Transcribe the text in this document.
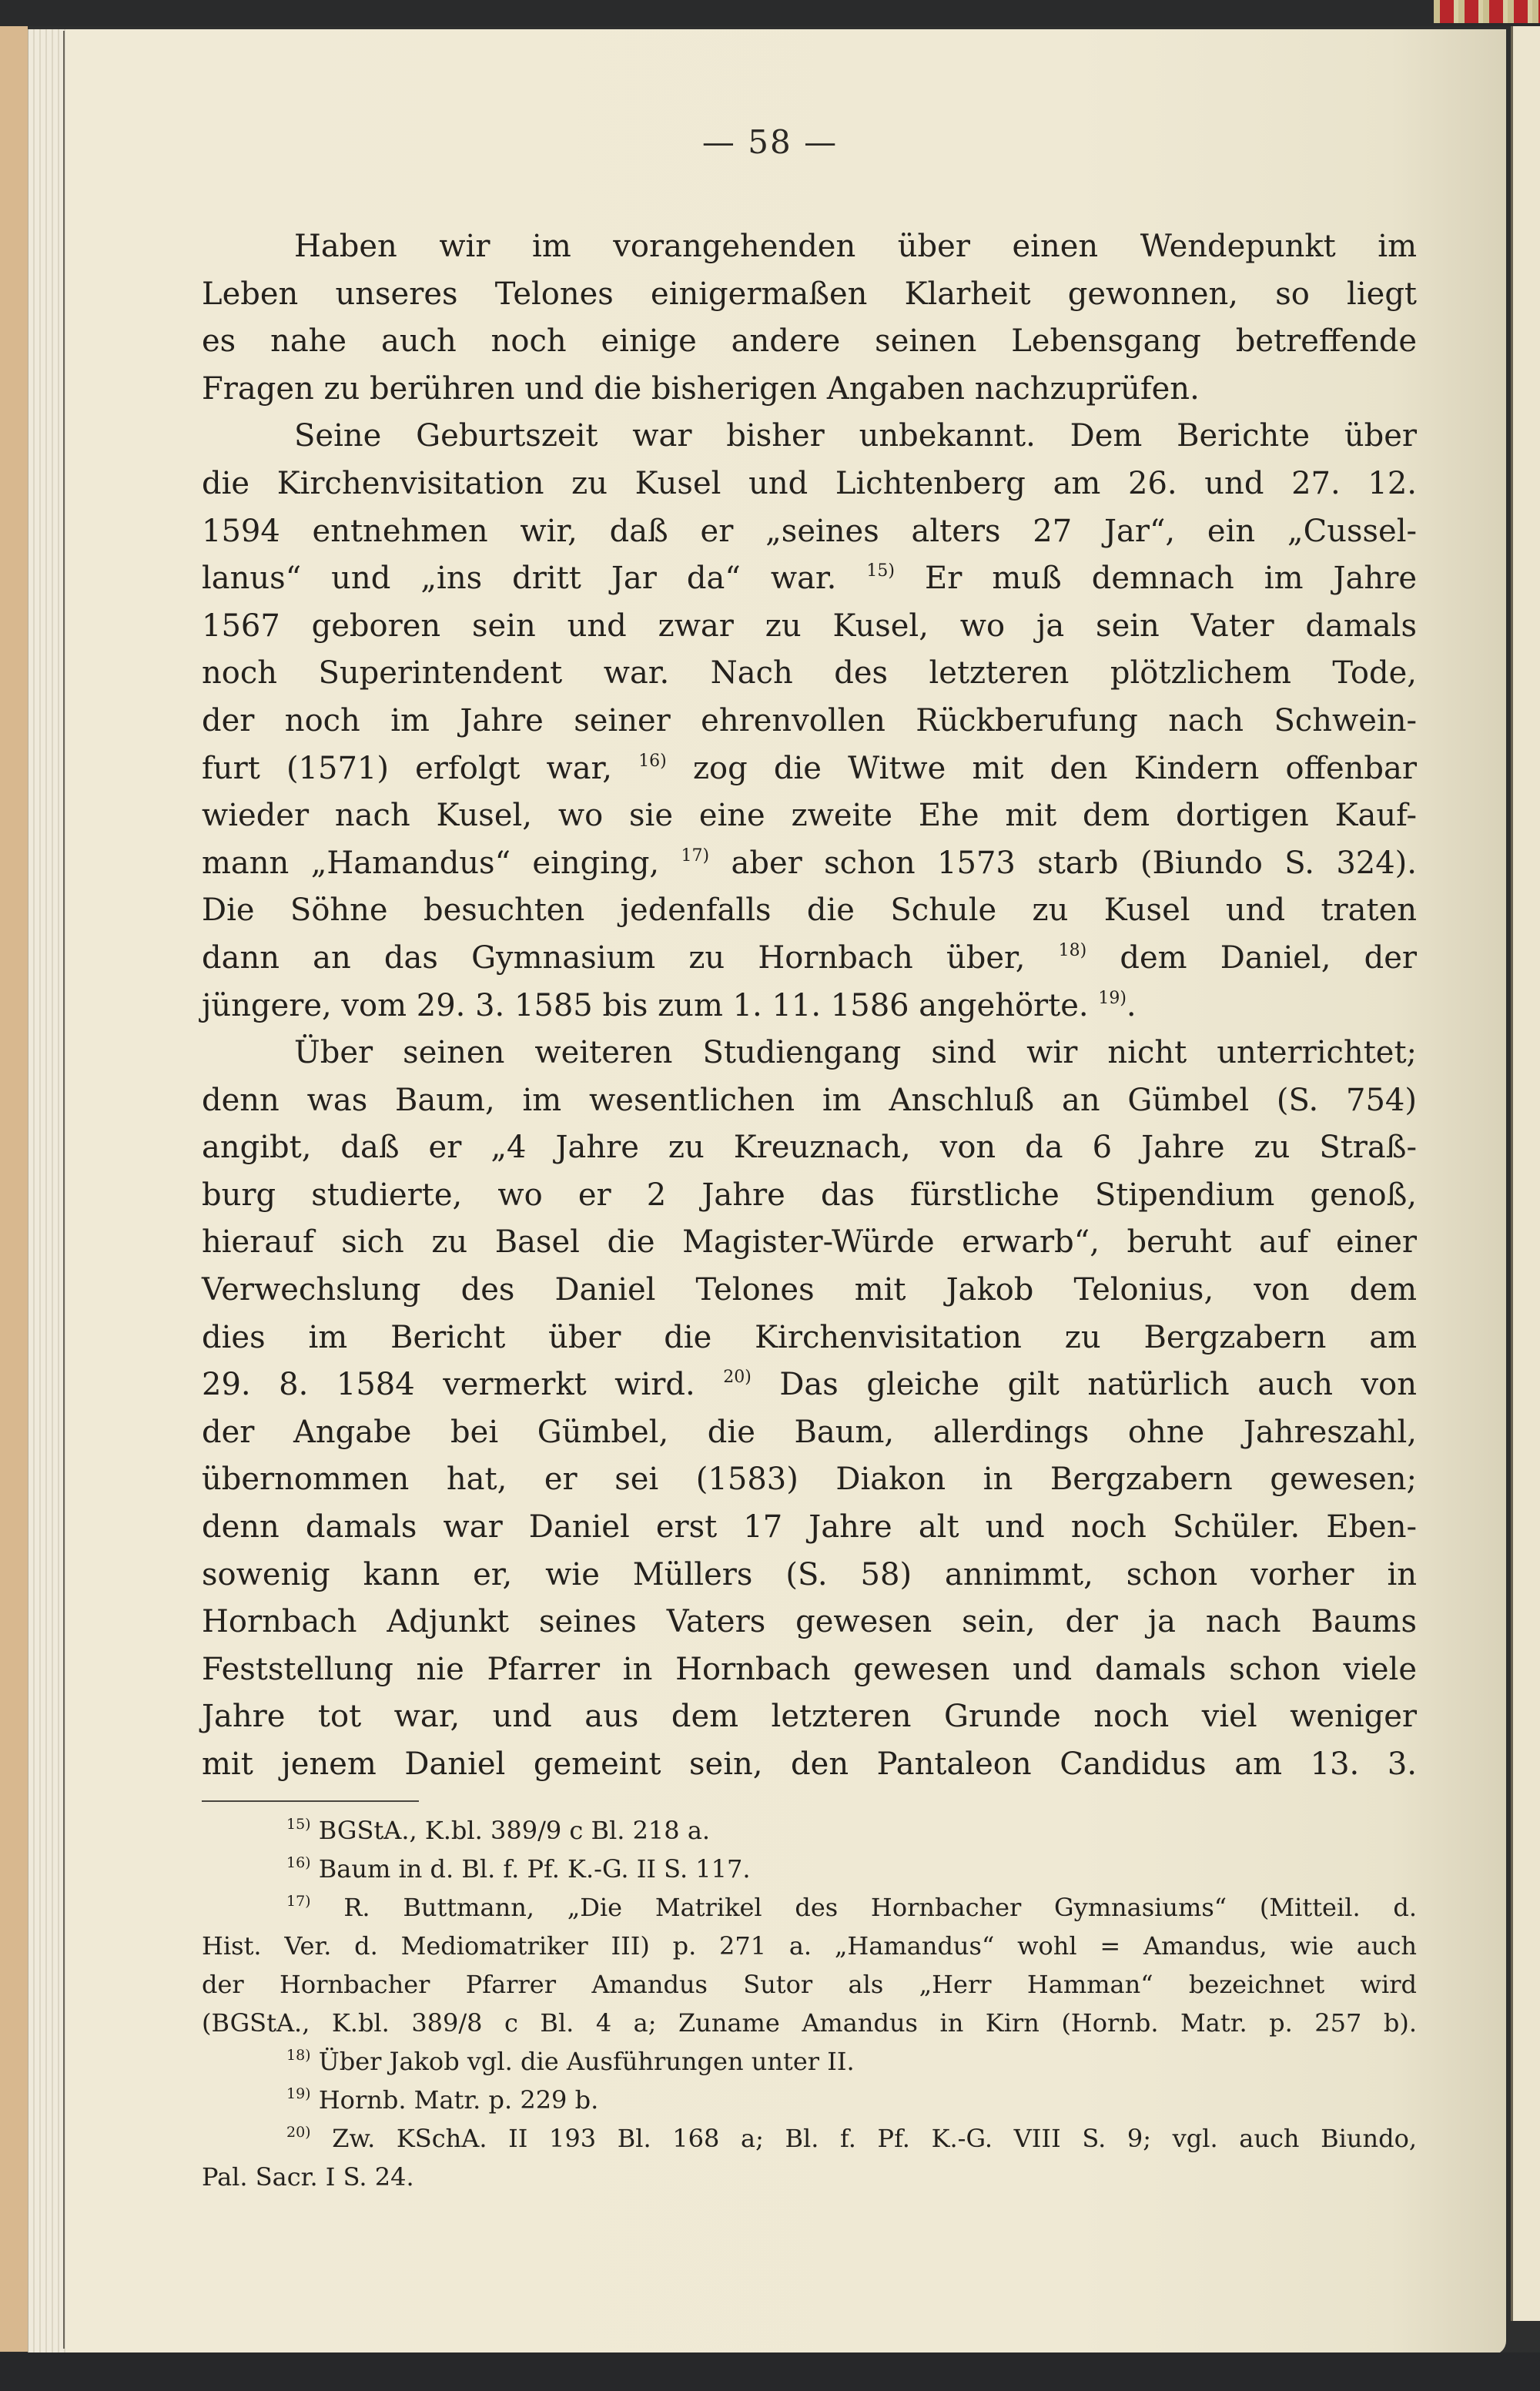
— 58 —
Haben wir im vorangehenden über einen Wendepunkt im
Leben unseres Telones einigermaßen Klarheit gewonnen, so liegt
es nahe auch noch einige andere seinen Lebensgang betreffende
Fragen zu berühren und die bisherigen Angaben nachzuprüfen.
Seine Geburtszeit war bisher unbekannt. Dem Berichte über
die Kirchenvisitation zu Kusel und Lichtenberg am 26. und 27. 12.
1594 entnehmen wir, daß er „seines alters 27 Jar“, ein „Cussel-
lanus“ und „ins dritt Jar da“ war. $^{15)}$ Er muß demnach im Jahre
1567 geboren sein und zwar zu Kusel, wo ja sein Vater damals
noch Superintendent war. Nach des letzteren plötzlichem Tode,
der noch im Jahre seiner ehrenvollen Rückberufung nach Schwein-
furt (1571) erfolgt war, $^{16)}$ zog die Witwe mit den Kindern offenbar
wieder nach Kusel, wo sie eine zweite Ehe mit dem dortigen Kauf-
mann „Hamandus“ einging, $^{17)}$ aber schon 1573 starb (Biundo S. 324).
Die Söhne besuchten jedenfalls die Schule zu Kusel und traten
dann an das Gymnasium zu Hornbach über, $^{18)}$ dem Daniel, der
jüngere, vom 29. 3. 1585 bis zum 1. 11. 1586 angehörte. $^{19)}$.
Über seinen weiteren Studiengang sind wir nicht unterrichtet;
denn was Baum, im wesentlichen im Anschluß an Gümbel (S. 754)
angibt, daß er „4 Jahre zu Kreuznach, von da 6 Jahre zu Straß-
burg studierte, wo er 2 Jahre das fürstliche Stipendium genoß,
hierauf sich zu Basel die Magister-Würde erwarb“, beruht auf einer
Verwechslung des Daniel Telones mit Jakob Telonius, von dem
dies im Bericht über die Kirchenvisitation zu Bergzabern am
29. 8. 1584 vermerkt wird. $^{20)}$ Das gleiche gilt natürlich auch von
der Angabe bei Gümbel, die Baum, allerdings ohne Jahreszahl,
übernommen hat, er sei (1583) Diakon in Bergzabern gewesen;
denn damals war Daniel erst 17 Jahre alt und noch Schüler. Eben-
sowenig kann er, wie Müllers (S. 58) annimmt, schon vorher in
Hornbach Adjunkt seines Vaters gewesen sein, der ja nach Baums
Feststellung nie Pfarrer in Hornbach gewesen und damals schon viele
Jahre tot war, und aus dem letzteren Grunde noch viel weniger
mit jenem Daniel gemeint sein, den Pantaleon Candidus am 13. 3.
$^{15)}$ BGStA., K.bl. 389/9 c Bl. 218 a.
$^{16)}$ Baum in d. Bl. f. Pf. K.-G. II S. 117.
$^{17)}$ R. Buttmann, „Die Matrikel des Hornbacher Gymnasiums“ (Mitteil. d.
Hist. Ver. d. Mediomatriker III) p. 271 a. „Hamandus“ wohl = Amandus, wie auch
der Hornbacher Pfarrer Amandus Sutor als „Herr Hamman“ bezeichnet wird
(BGStA., K.bl. 389/8 c Bl. 4 a; Zuname Amandus in Kirn (Hornb. Matr. p. 257 b).
$^{18)}$ Über Jakob vgl. die Ausführungen unter II.
$^{19)}$ Hornb. Matr. p. 229 b.
$^{20)}$ Zw. KSchA. II 193 Bl. 168 a; Bl. f. Pf. K.-G. VIII S. 9; vgl. auch Biundo,
Pal. Sacr. I S. 24.
